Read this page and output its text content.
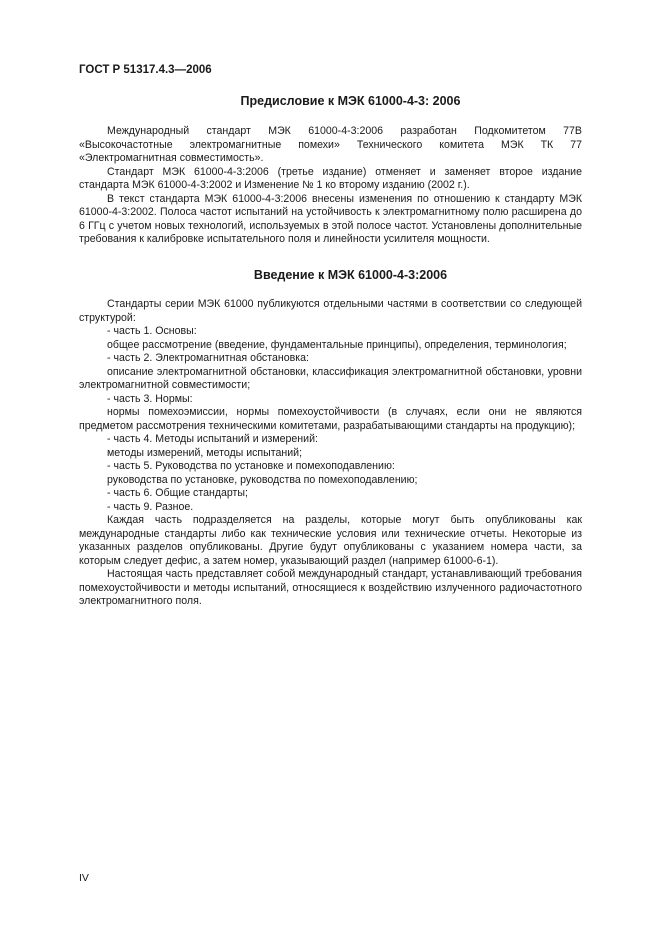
ГОСТ Р 51317.4.3—2006
Предисловие к МЭК 61000-4-3: 2006

Международный стандарт МЭК 61000-4-3:2006 разработан Подкомитетом 77В «Высокочастотные электромагнитные помехи» Технического комитета МЭК ТК 77 «Электромагнитная совместимость».

Стандарт МЭК 61000-4-3:2006 (третье издание) отменяет и заменяет второе издание стандарта МЭК 61000-4-3:2002 и Изменение № 1 ко второму изданию (2002 г.).

В текст стандарта МЭК 61000-4-3:2006 внесены изменения по отношению к стандарту МЭК 61000-4-3:2002. Полоса частот испытаний на устойчивость к электромагнитному полю расширена до 6 ГГц с учетом новых технологий, используемых в этой полосе частот. Установлены дополнительные требования к калибровке испытательного поля и линейности усилителя мощности.

Введение к МЭК 61000-4-3:2006

Стандарты серии МЭК 61000 публикуются отдельными частями в соответствии со следующей структурой:

- часть 1. Основы:

общее рассмотрение (введение, фундаментальные принципы), определения, терминология;

- часть 2. Электромагнитная обстановка:

описание электромагнитной обстановки, классификация электромагнитной обстановки, уровни электромагнитной совместимости;

- часть 3. Нормы:

нормы помехоэмиссии, нормы помехоустойчивости (в случаях, если они не являются предметом рассмотрения техническими комитетами, разрабатывающими стандарты на продукцию);

- часть 4. Методы испытаний и измерений:

методы измерений, методы испытаний;

- часть 5. Руководства по установке и помехоподавлению:

руководства по установке, руководства по помехоподавлению;

- часть 6. Общие стандарты;

- часть 9. Разное.

Каждая часть подразделяется на разделы, которые могут быть опубликованы как международные стандарты либо как технические условия или технические отчеты. Некоторые из указанных разделов опубликованы. Другие будут опубликованы с указанием номера части, за которым следует дефис, а затем номер, указывающий раздел (например 61000-6-1).

Настоящая часть представляет собой международный стандарт, устанавливающий требования помехоустойчивости и методы испытаний, относящиеся к воздействию излученного радиочастотного электромагнитного поля.

IV
